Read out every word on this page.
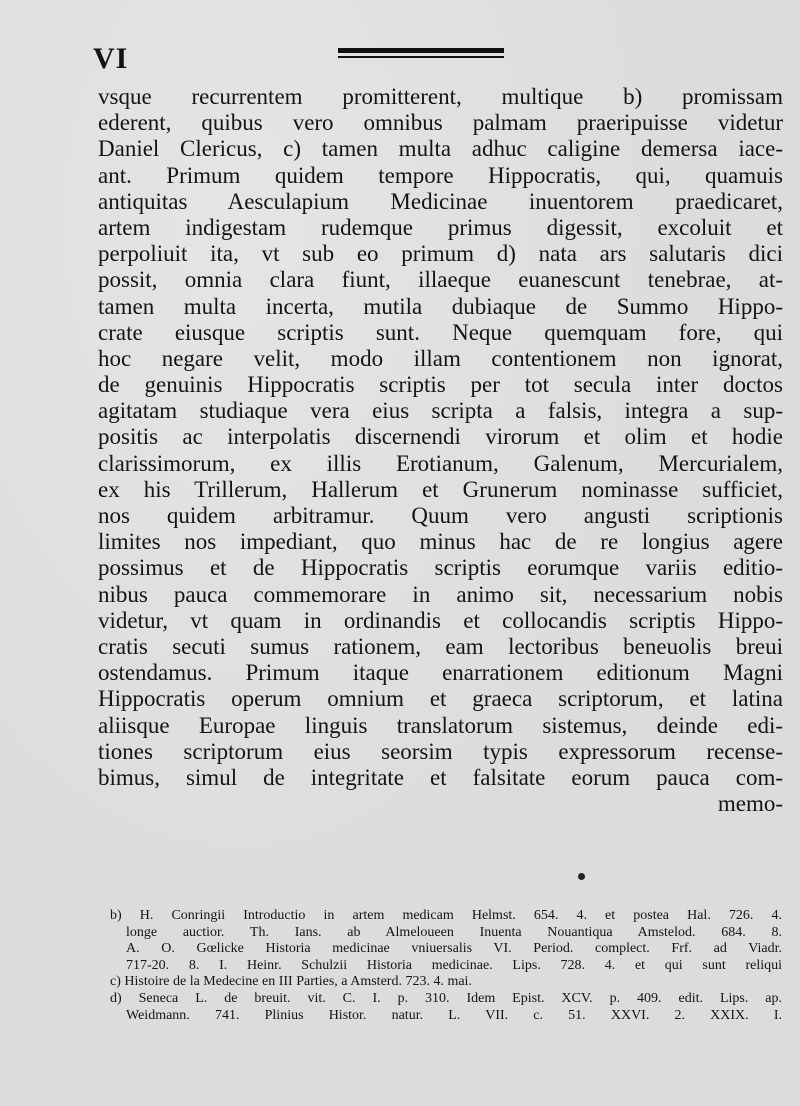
VI
vsque recurrentem promitterent, multique b) promissam
ederent, quibus vero omnibus palmam praeripuisse videtur
Daniel Clericus, c) tamen multa adhuc caligine demersa iace-
ant. Primum quidem tempore Hippocratis, qui, quamuis
antiquitas Aesculapium Medicinae inuentorem praedicaret,
artem indigestam rudemque primus digessit, excoluit et
perpoliuit ita, vt sub eo primum d) nata ars salutaris dici
possit, omnia clara fiunt, illaeque euanescunt tenebrae, at-
tamen multa incerta, mutila dubiaque de Summo Hippo-
crate eiusque scriptis sunt. Neque quemquam fore, qui
hoc negare velit, modo illam contentionem non ignorat,
de genuinis Hippocratis scriptis per tot secula inter doctos
agitatam studiaque vera eius scripta a falsis, integra a sup-
positis ac interpolatis discernendi virorum et olim et hodie
clarissimorum, ex illis Erotianum, Galenum, Mercurialem,
ex his Trillerum, Hallerum et Grunerum nominasse sufficiet,
nos quidem arbitramur. Quum vero angusti scriptionis
limites nos impediant, quo minus hac de re longius agere
possimus et de Hippocratis scriptis eorumque variis editio-
nibus pauca commemorare in animo sit, necessarium nobis
videtur, vt quam in ordinandis et collocandis scriptis Hippo-
cratis secuti sumus rationem, eam lectoribus beneuolis breui
ostendamus. Primum itaque enarrationem editionum Magni
Hippocratis operum omnium et graeca scriptorum, et latina
aliisque Europae linguis translatorum sistemus, deinde edi-
tiones scriptorum eius seorsim typis expressorum recense-
bimus, simul de integritate et falsitate eorum pauca com-
memo-
b) H. Conringii Introductio in artem medicam Helmst. 654. 4. et postea Hal. 726. 4.
longe auctior. Th. Ians. ab Almeloueen Inuenta Nouantiqua Amstelod. 684. 8.
A. O. Gœlicke Historia medicinae vniuersalis VI. Period. complect. Frf. ad Viadr.
717-20. 8. I. Heinr. Schulzii Historia medicinae. Lips. 728. 4. et qui sunt reliqui
c) Histoire de la Medecine en III Parties, a Amsterd. 723. 4. mai.
d) Seneca L. de breuit. vit. C. I. p. 310. Idem Epist. XCV. p. 409. edit. Lips. ap.
Weidmann. 741. Plinius Histor. natur. L. VII. c. 51. XXVI. 2. XXIX. I.
